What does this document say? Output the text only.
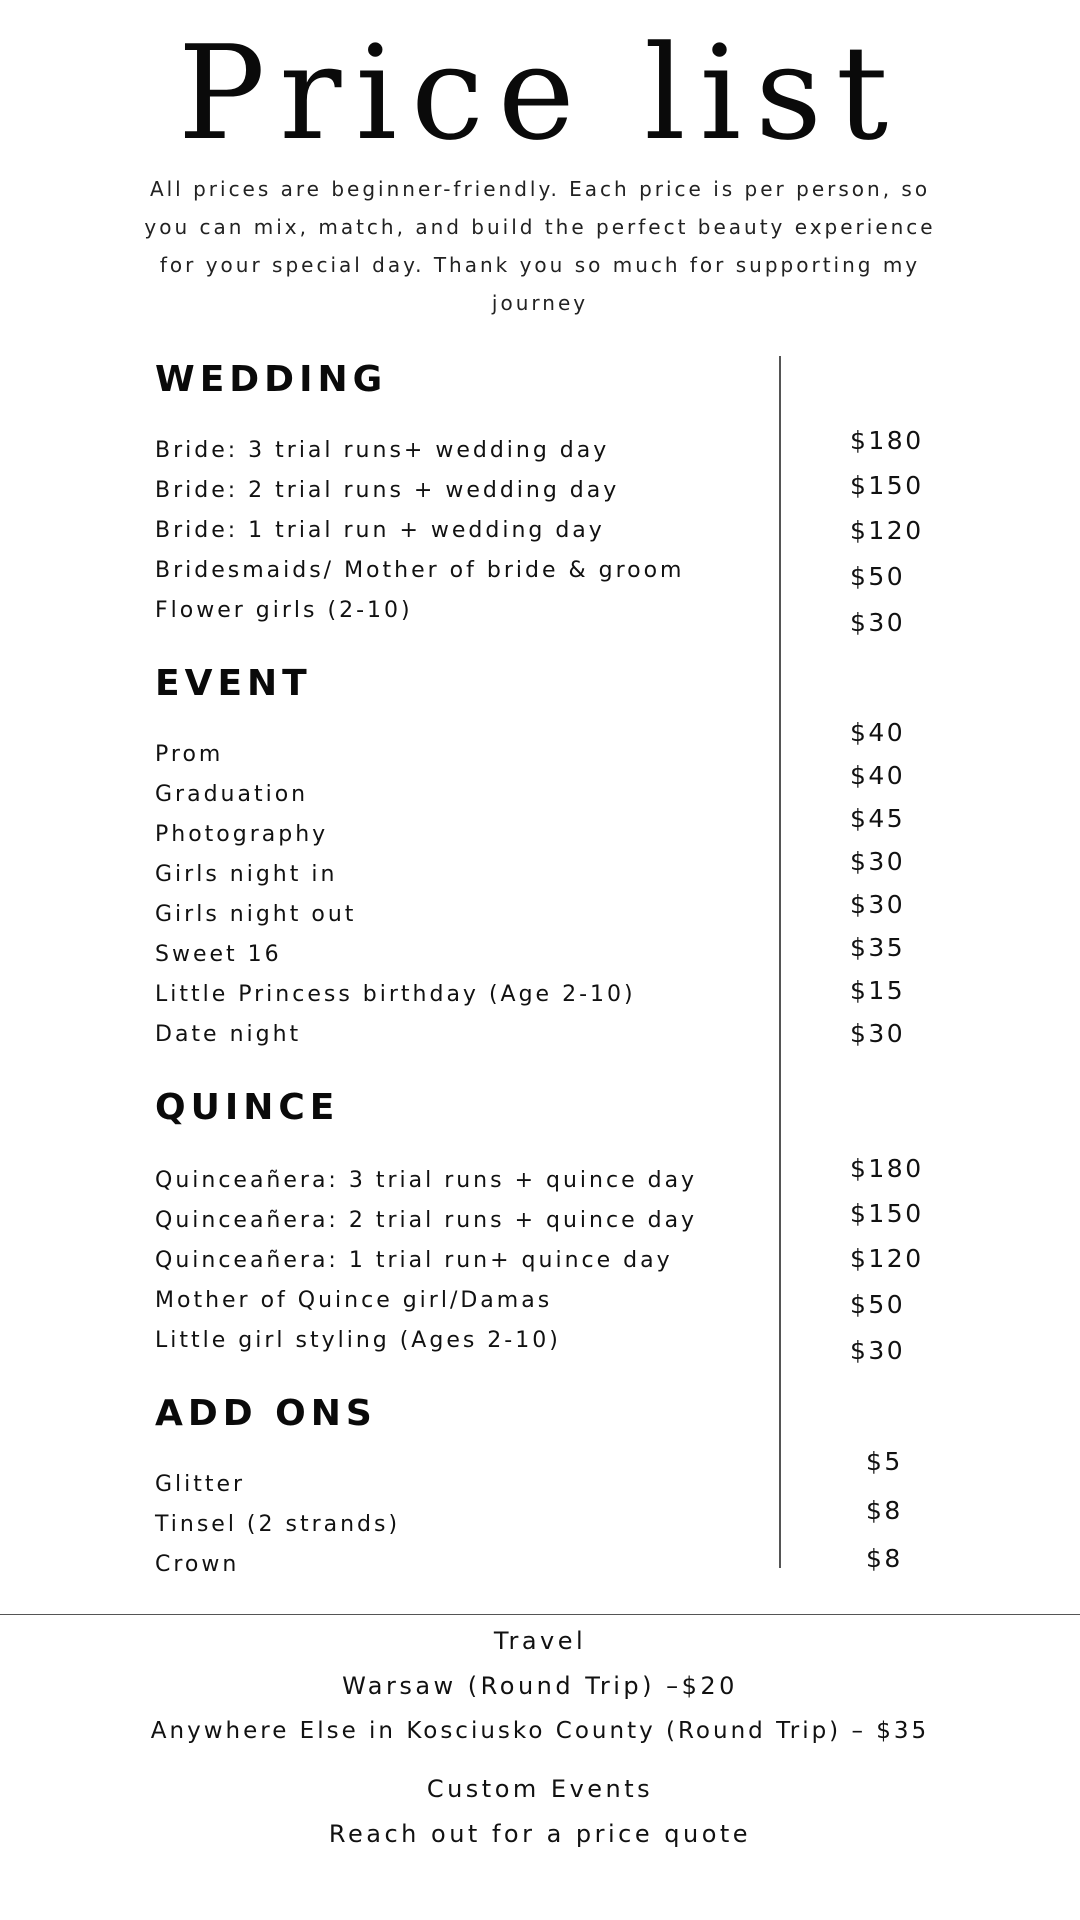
Price list

All prices are beginner-friendly. Each price is per person, so you can mix, match, and build the perfect beauty experience for your special day. Thank you so much for supporting my journey

WEDDING
Bride: 3 trial runs+ wedding day
Bride: 2 trial runs + wedding day
Bride: 1 trial run + wedding day
Bridesmaids/ Mother of bride & groom
Flower girls (2-10)
$180
$150
$120
$50
$30
EVENT
Prom
Graduation
Photography
Girls night in
Girls night out
Sweet 16
Little Princess birthday (Age 2-10)
Date night
$40
$40
$45
$30
$30
$35
$15
$30
QUINCE
Quinceañera: 3 trial runs + quince day
Quinceañera: 2 trial runs + quince day
Quinceañera: 1 trial run+ quince day
Mother of Quince girl/Damas
Little girl styling (Ages 2-10)
$180
$150
$120
$50
$30
ADD ONS
Glitter
Tinsel (2 strands)
Crown
$5
$8
$8
Travel
Warsaw (Round Trip) –$20
Anywhere Else in Kosciusko County (Round Trip) – $35
Custom Events
Reach out for a price quote
